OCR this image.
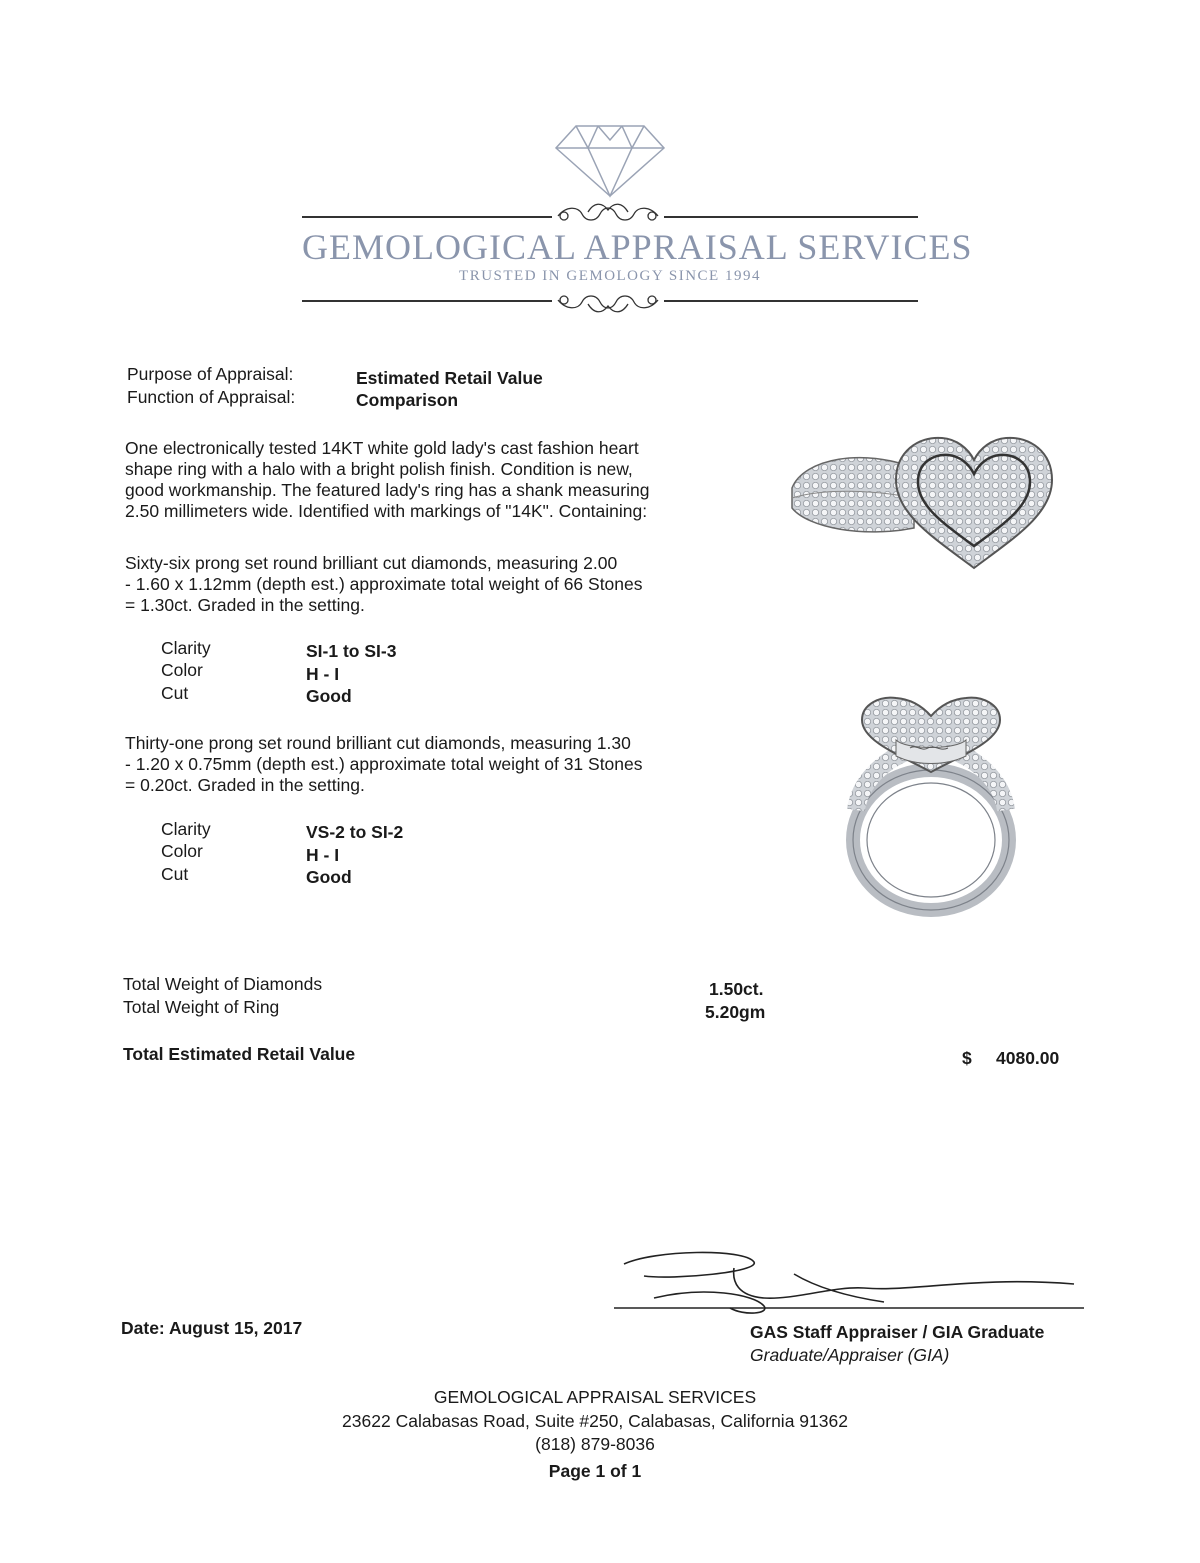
GEMOLOGICAL APPRAISAL SERVICES
TRUSTED IN GEMOLOGY SINCE 1994
Purpose of Appraisal:	Estimated Retail Value
Function of Appraisal:	Comparison
One electronically tested 14KT white gold lady's cast fashion heart
shape ring with a halo with a bright polish finish. Condition is new,
good workmanship. The featured lady's ring has a shank measuring
2.50 millimeters wide. Identified with markings of "14K". Containing:
Sixty-six prong set round brilliant cut diamonds, measuring 2.00
- 1.60 x 1.12mm (depth est.) approximate total weight of 66 Stones
= 1.30ct. Graded in the setting.
Clarity	SI-1 to SI-3
Color	H - I
Cut	Good
Thirty-one prong set round brilliant cut diamonds, measuring 1.30
- 1.20 x 0.75mm (depth est.) approximate total weight of 31 Stones
= 0.20ct. Graded in the setting.
Clarity	VS-2 to SI-2
Color	H - I
Cut	Good
Total Weight of Diamonds	1.50ct.
Total Weight of Ring	5.20gm
Total Estimated Retail Value	$ 4080.00
Date: August 15, 2017	GAS Staff Appraiser / GIA Graduate
Graduate/Appraiser (GIA)
GEMOLOGICAL APPRAISAL SERVICES
23622 Calabasas Road, Suite #250, Calabasas, California 91362
(818) 879-8036
Page 1 of 1
